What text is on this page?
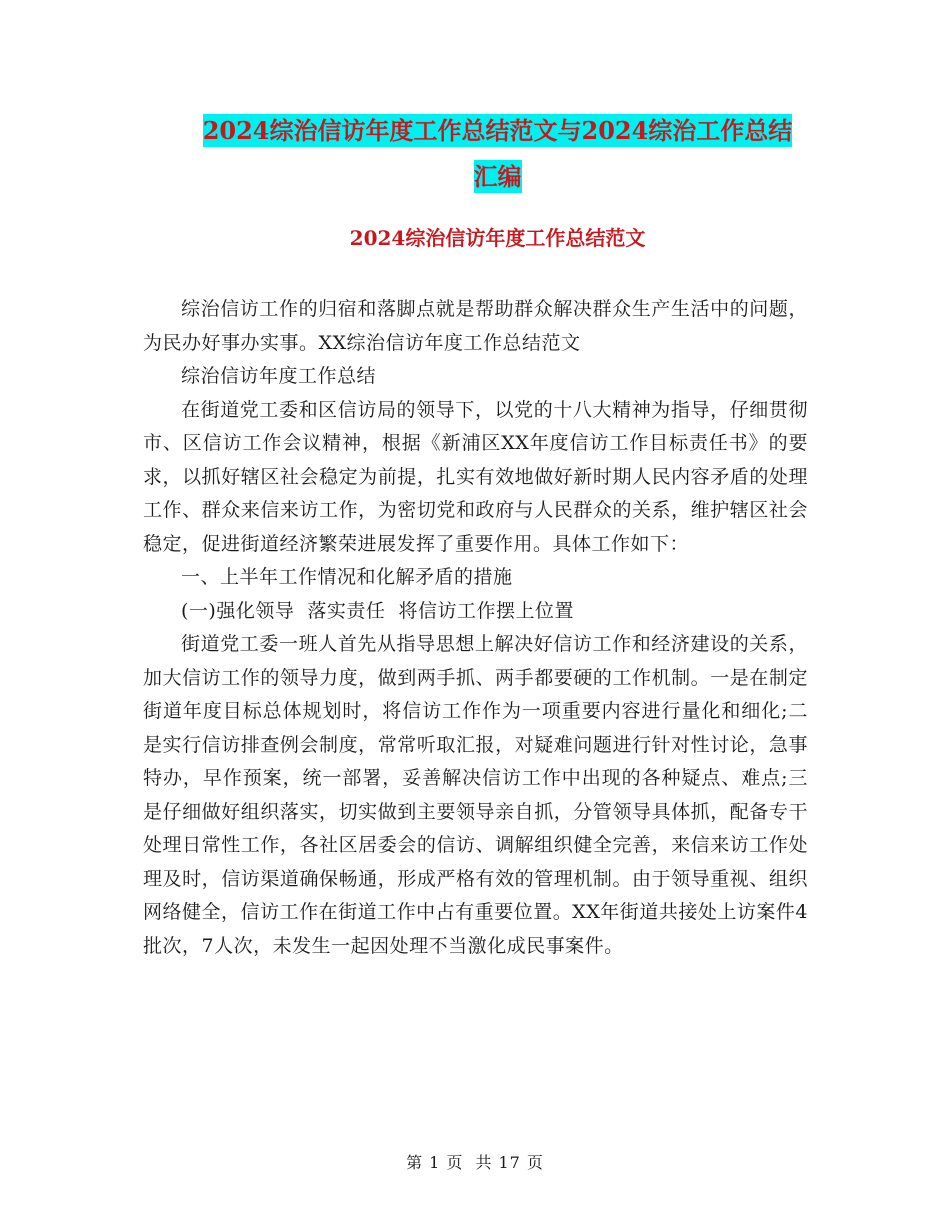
2024综治信访年度工作总结范文与2024综治工作总结
汇编
2024综治信访年度工作总结范文

综治信访工作的归宿和落脚点就是帮助群众解决群众生产生活中的问题，为民办好事办实事。XX综治信访年度工作总结范文

综治信访年度工作总结

在街道党工委和区信访局的领导下，以党的十八大精神为指导，仔细贯彻市、区信访工作会议精神，根据《新浦区XX年度信访工作目标责任书》的要求，以抓好辖区社会稳定为前提，扎实有效地做好新时期人民内容矛盾的处理工作、群众来信来访工作，为密切党和政府与人民群众的关系，维护辖区社会稳定，促进街道经济繁荣进展发挥了重要作用。具体工作如下：

一、上半年工作情况和化解矛盾的措施

(一)强化领导  落实责任  将信访工作摆上位置

街道党工委一班人首先从指导思想上解决好信访工作和经济建设的关系，加大信访工作的领导力度，做到两手抓、两手都要硬的工作机制。一是在制定街道年度目标总体规划时，将信访工作作为一项重要内容进行量化和细化;二是实行信访排查例会制度，常常听取汇报，对疑难问题进行针对性讨论，急事特办，早作预案，统一部署，妥善解决信访工作中出现的各种疑点、难点;三是仔细做好组织落实，切实做到主要领导亲自抓，分管领导具体抓，配备专干处理日常性工作，各社区居委会的信访、调解组织健全完善，来信来访工作处理及时，信访渠道确保畅通，形成严格有效的管理机制。由于领导重视、组织网络健全，信访工作在街道工作中占有重要位置。XX年街道共接处上访案件4批次，7人次，未发生一起因处理不当激化成民事案件。

第 1 页  共 17 页
